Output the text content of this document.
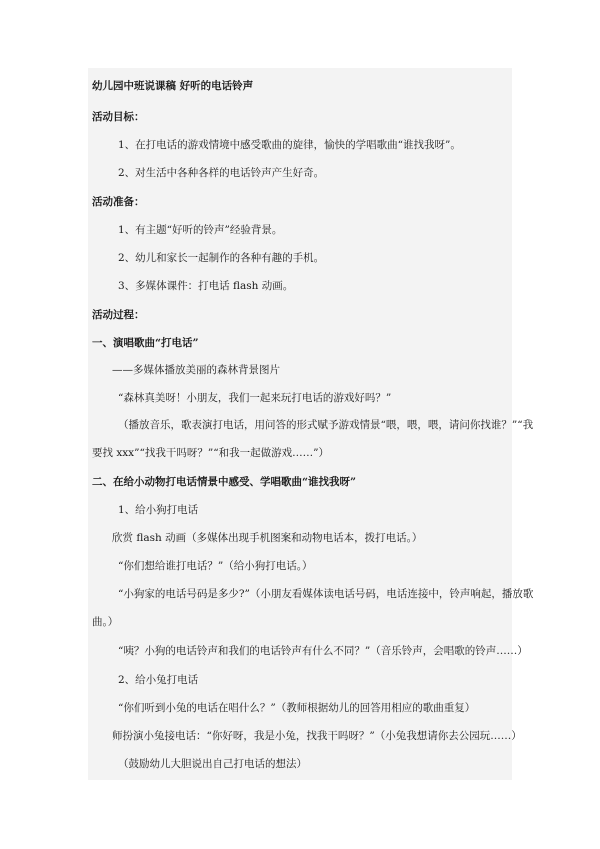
幼儿园中班说课稿 好听的电话铃声
活动目标：
1、在打电话的游戏情境中感受歌曲的旋律，愉快的学唱歌曲“谁找我呀”。
2、对生活中各种各样的电话铃声产生好奇。
活动准备：
1、有主题“好听的铃声”经验背景。
2、幼儿和家长一起制作的各种有趣的手机。
3、多媒体课件：打电话 flash 动画。
活动过程：
一、演唱歌曲“打电话”
——多媒体播放美丽的森林背景图片
“森林真美呀！小朋友，我们一起来玩打电话的游戏好吗？”
（播放音乐，歌表演打电话，用问答的形式赋予游戏情景“喂，喂，喂，请问你找谁？”“我
要找 xxx”“找我干吗呀？”“和我一起做游戏……”）
二、在给小动物打电话情景中感受、学唱歌曲“谁找我呀”
1、给小狗打电话
欣赏 flash 动画（多媒体出现手机图案和动物电话本，拨打电话。）
“你们想给谁打电话？”（给小狗打电话。）
“小狗家的电话号码是多少?”（小朋友看媒体读电话号码，电话连接中，铃声响起，播放歌
曲。）
“咦？小狗的电话铃声和我们的电话铃声有什么不同？”（音乐铃声，会唱歌的铃声……）
2、给小兔打电话
“你们听到小兔的电话在唱什么？”（教师根据幼儿的回答用相应的歌曲重复）
师扮演小兔接电话：“你好呀，我是小兔，找我干吗呀？”（小兔我想请你去公园玩……）
（鼓励幼儿大胆说出自己打电话的想法）
